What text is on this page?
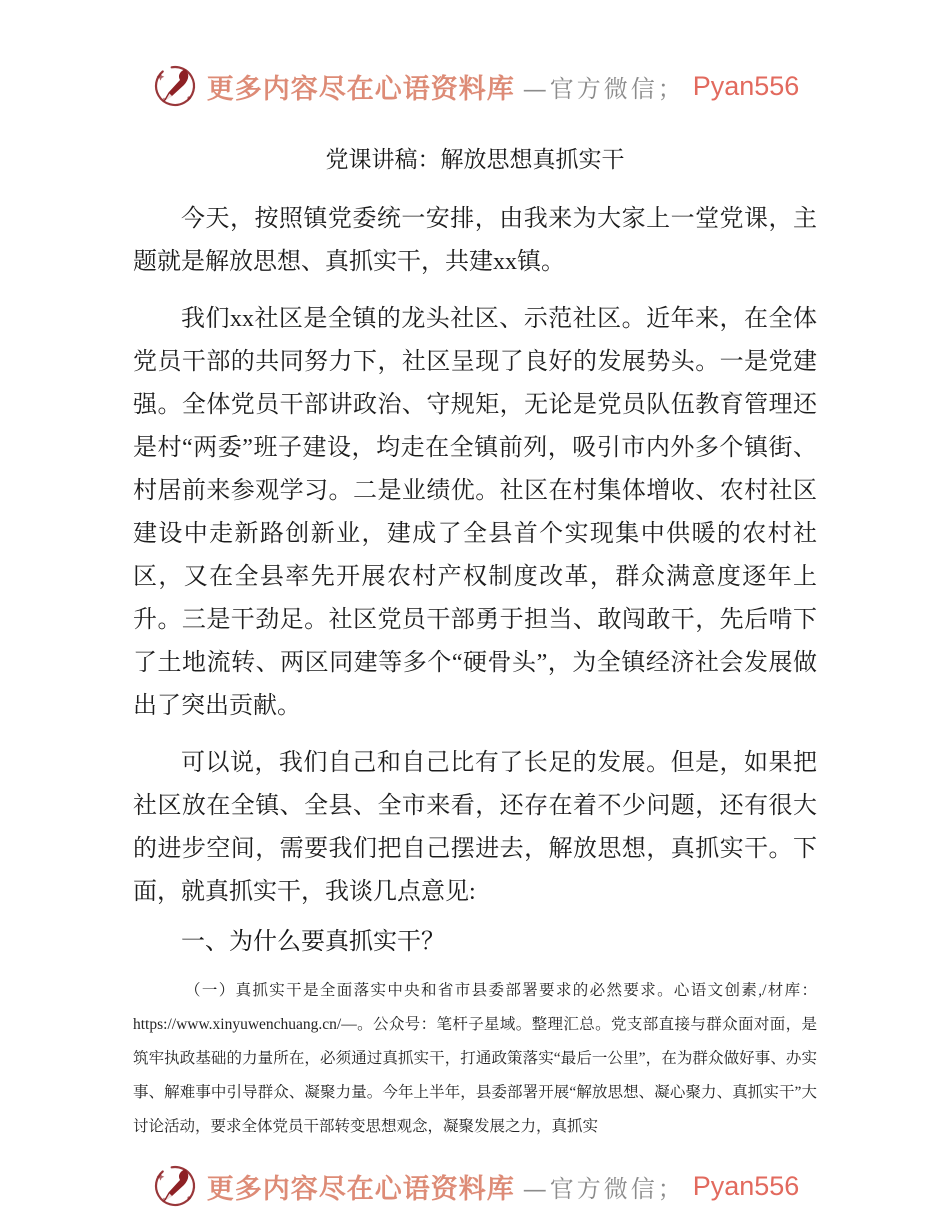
更多内容尽在心语资料库 —官方微信； Pyan556
党课讲稿：解放思想真抓实干

今天，按照镇党委统一安排，由我来为大家上一堂党课，主题就是解放思想、真抓实干，共建xx镇。

我们xx社区是全镇的龙头社区、示范社区。近年来，在全体党员干部的共同努力下，社区呈现了良好的发展势头。一是党建强。全体党员干部讲政治、守规矩，无论是党员队伍教育管理还是村“两委”班子建设，均走在全镇前列，吸引市内外多个镇街、村居前来参观学习。二是业绩优。社区在村集体增收、农村社区建设中走新路创新业，建成了全县首个实现集中供暖的农村社区，又在全县率先开展农村产权制度改革，群众满意度逐年上升。三是干劲足。社区党员干部勇于担当、敢闯敢干，先后啃下了土地流转、两区同建等多个“硬骨头”，为全镇经济社会发展做出了突出贡献。

可以说，我们自己和自己比有了长足的发展。但是，如果把社区放在全镇、全县、全市来看，还存在着不少问题，还有很大的进步空间，需要我们把自己摆进去，解放思想，真抓实干。下面，就真抓实干，我谈几点意见:

一、为什么要真抓实干？

（一）真抓实干是全面落实中央和省市县委部署要求的必然要求。心语文创素,/材库：https://www.xinyuwenchuang.cn/—。公众号：笔杆子星域。整理汇总。党支部直接与群众面对面，是筑牢执政基础的力量所在，必须通过真抓实干，打通政策落实“最后一公里”，在为群众做好事、办实事、解难事中引导群众、凝聚力量。今年上半年，县委部署开展“解放思想、凝心聚力、真抓实干”大讨论活动，要求全体党员干部转变思想观念，凝聚发展之力，真抓实

更多内容尽在心语资料库 —官方微信； Pyan556
